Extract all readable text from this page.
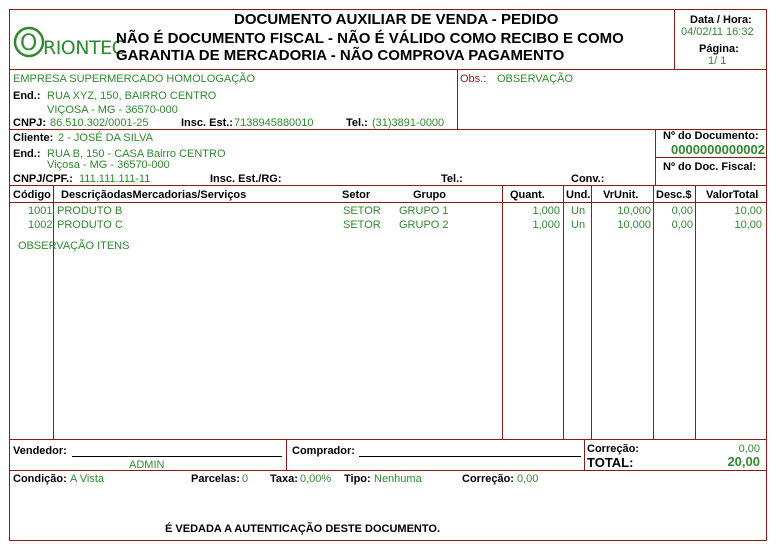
O RIONTEC
DOCUMENTO AUXILIAR DE VENDA - PEDIDO
NÃO É DOCUMENTO FISCAL - NÃO É VÁLIDO COMO RECIBO E COMO
GARANTIA DE MERCADORIA - NÃO COMPROVA PAGAMENTO
Data / Hora:
04/02/11 16:32
Página:
1/ 1
EMPRESA SUPERMERCADO HOMOLOGAÇÃO
End.: RUA XYZ, 150, BAIRRO CENTRO
VIÇOSA - MG - 36570-000
CNPJ: 86.510.302/0001-25	Insc. Est.: 7138945880010	Tel.: (31)3891-0000
Obs.: OBSERVAÇÃO
Cliente: 2 - JOSÉ DA SILVA
End.: RUA B, 150 - CASA Bairro CENTRO
Viçosa - MG - 36570-000
CNPJ/CPF.: 111.111.111-11	Insc. Est./RG:	Tel.:	Conv.:
Nº do Documento:
0000000000002
Nº do Doc. Fiscal:
Código DescriçãodasMercadorias/Serviços	Setor	Grupo	Quant. Und. VrUnit. Desc.$ ValorTotal
1001 PRODUTO B	SETOR GRUPO 1	1,000 Un	10,000	0,00	10,00
1002 PRODUTO C	SETOR GRUPO 2	1,000 Un	10,000	0,00	10,00
OBSERVAÇÃO ITENS
Vendedor:
ADMIN
Comprador:	Correção:	0,00
TOTAL:	20,00
Condição: A Vista	Parcelas: 0 Taxa: 0,00% Tipo: Nenhuma	Correção: 0,00
É VEDADA A AUTENTICAÇÃO DESTE DOCUMENTO.
